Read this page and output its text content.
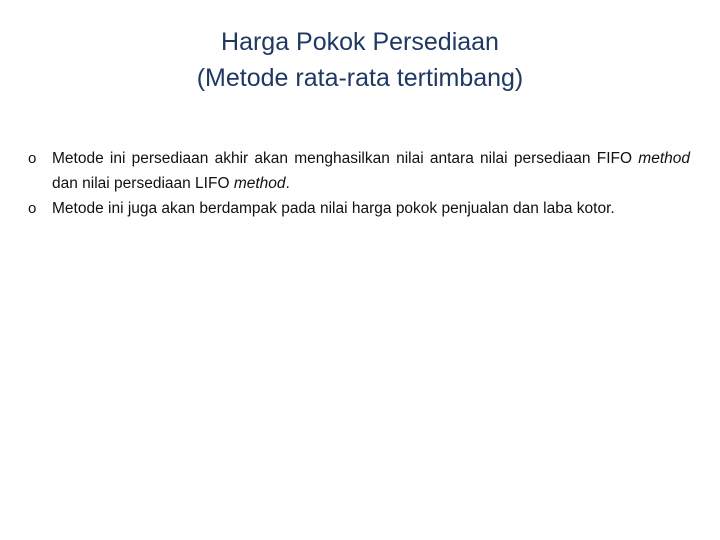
Harga Pokok Persediaan
(Metode rata-rata tertimbang)
o	Metode ini persediaan akhir akan menghasilkan nilai antara nilai persediaan FIFO method dan nilai persediaan LIFO method.
o	Metode ini juga akan berdampak pada nilai harga pokok penjualan dan laba kotor.
